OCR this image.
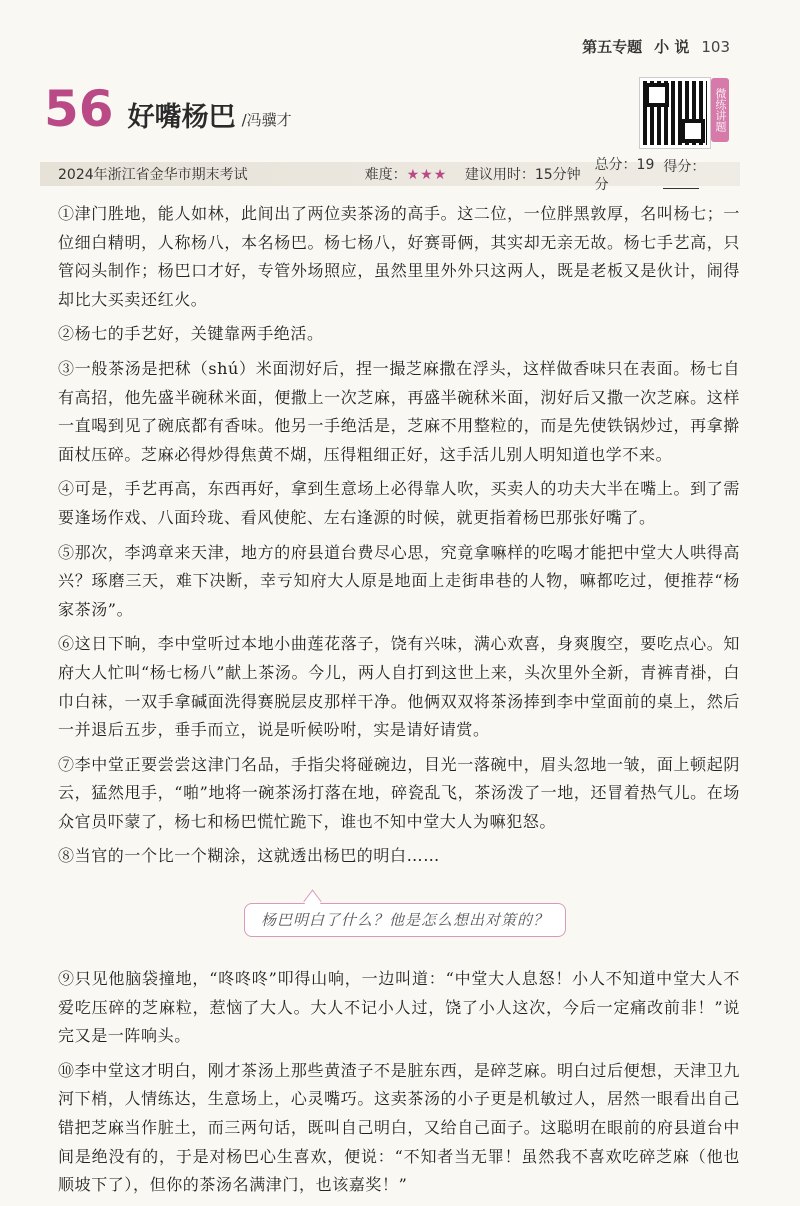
第五专题 小 说 103
56 好嘴杨巴 /冯骥才	微练讲题
2024年浙江省金华市期末考试	难度：★★★	建议用时：15分钟
总分：19分
得分：

①津门胜地，能人如林，此间出了两位卖茶汤的高手。这二位，一位胖黑敦厚，名叫杨七；一位细白精明，人称杨八，本名杨巴。杨七杨八，好赛哥俩，其实却无亲无故。杨七手艺高，只管闷头制作；杨巴口才好，专管外场照应，虽然里里外外只这两人，既是老板又是伙计，闹得却比大买卖还红火。

②杨七的手艺好，关键靠两手绝活。

③一般茶汤是把秫（shú）米面沏好后，捏一撮芝麻撒在浮头，这样做香味只在表面。杨七自有高招，他先盛半碗秫米面，便撒上一次芝麻，再盛半碗秫米面，沏好后又撒一次芝麻。这样一直喝到见了碗底都有香味。他另一手绝活是，芝麻不用整粒的，而是先使铁锅炒过，再拿擀面杖压碎。芝麻必得炒得焦黄不煳，压得粗细正好，这手活儿别人明知道也学不来。

④可是，手艺再高，东西再好，拿到生意场上必得靠人吹，买卖人的功夫大半在嘴上。到了需要逢场作戏、八面玲珑、看风使舵、左右逢源的时候，就更指着杨巴那张好嘴了。

⑤那次，李鸿章来天津，地方的府县道台费尽心思，究竟拿嘛样的吃喝才能把中堂大人哄得高兴？琢磨三天，难下决断，幸亏知府大人原是地面上走街串巷的人物，嘛都吃过，便推荐“杨家茶汤”。

⑥这日下晌，李中堂听过本地小曲莲花落子，饶有兴味，满心欢喜，身爽腹空，要吃点心。知府大人忙叫“杨七杨八”献上茶汤。今儿，两人自打到这世上来，头次里外全新，青裤青褂，白巾白袜，一双手拿碱面洗得赛脱层皮那样干净。他俩双双将茶汤捧到李中堂面前的桌上，然后一并退后五步，垂手而立，说是听候吩咐，实是请好请赏。

⑦李中堂正要尝尝这津门名品，手指尖将碰碗边，目光一落碗中，眉头忽地一皱，面上顿起阴云，猛然甩手，“啪”地将一碗茶汤打落在地，碎瓷乱飞，茶汤泼了一地，还冒着热气儿。在场众官员吓蒙了，杨七和杨巴慌忙跪下，谁也不知中堂大人为嘛犯怒。

⑧当官的一个比一个糊涂，这就透出杨巴的明白……

杨巴明白了什么？他是怎么想出对策的？

⑨只见他脑袋撞地，“咚咚咚”叩得山响，一边叫道：“中堂大人息怒！小人不知道中堂大人不爱吃压碎的芝麻粒，惹恼了大人。大人不记小人过，饶了小人这次，今后一定痛改前非！”说完又是一阵响头。

⑩李中堂这才明白，刚才茶汤上那些黄渣子不是脏东西，是碎芝麻。明白过后便想，天津卫九河下梢，人情练达，生意场上，心灵嘴巧。这卖茶汤的小子更是机敏过人，居然一眼看出自己错把芝麻当作脏土，而三两句话，既叫自己明白，又给自己面子。这聪明在眼前的府县道台中间是绝没有的，于是对杨巴心生喜欢，便说：“不知者当无罪！虽然我不喜欢吃碎芝麻（他也顺坡下了），但你的茶汤名满津门，也该嘉奖！”
